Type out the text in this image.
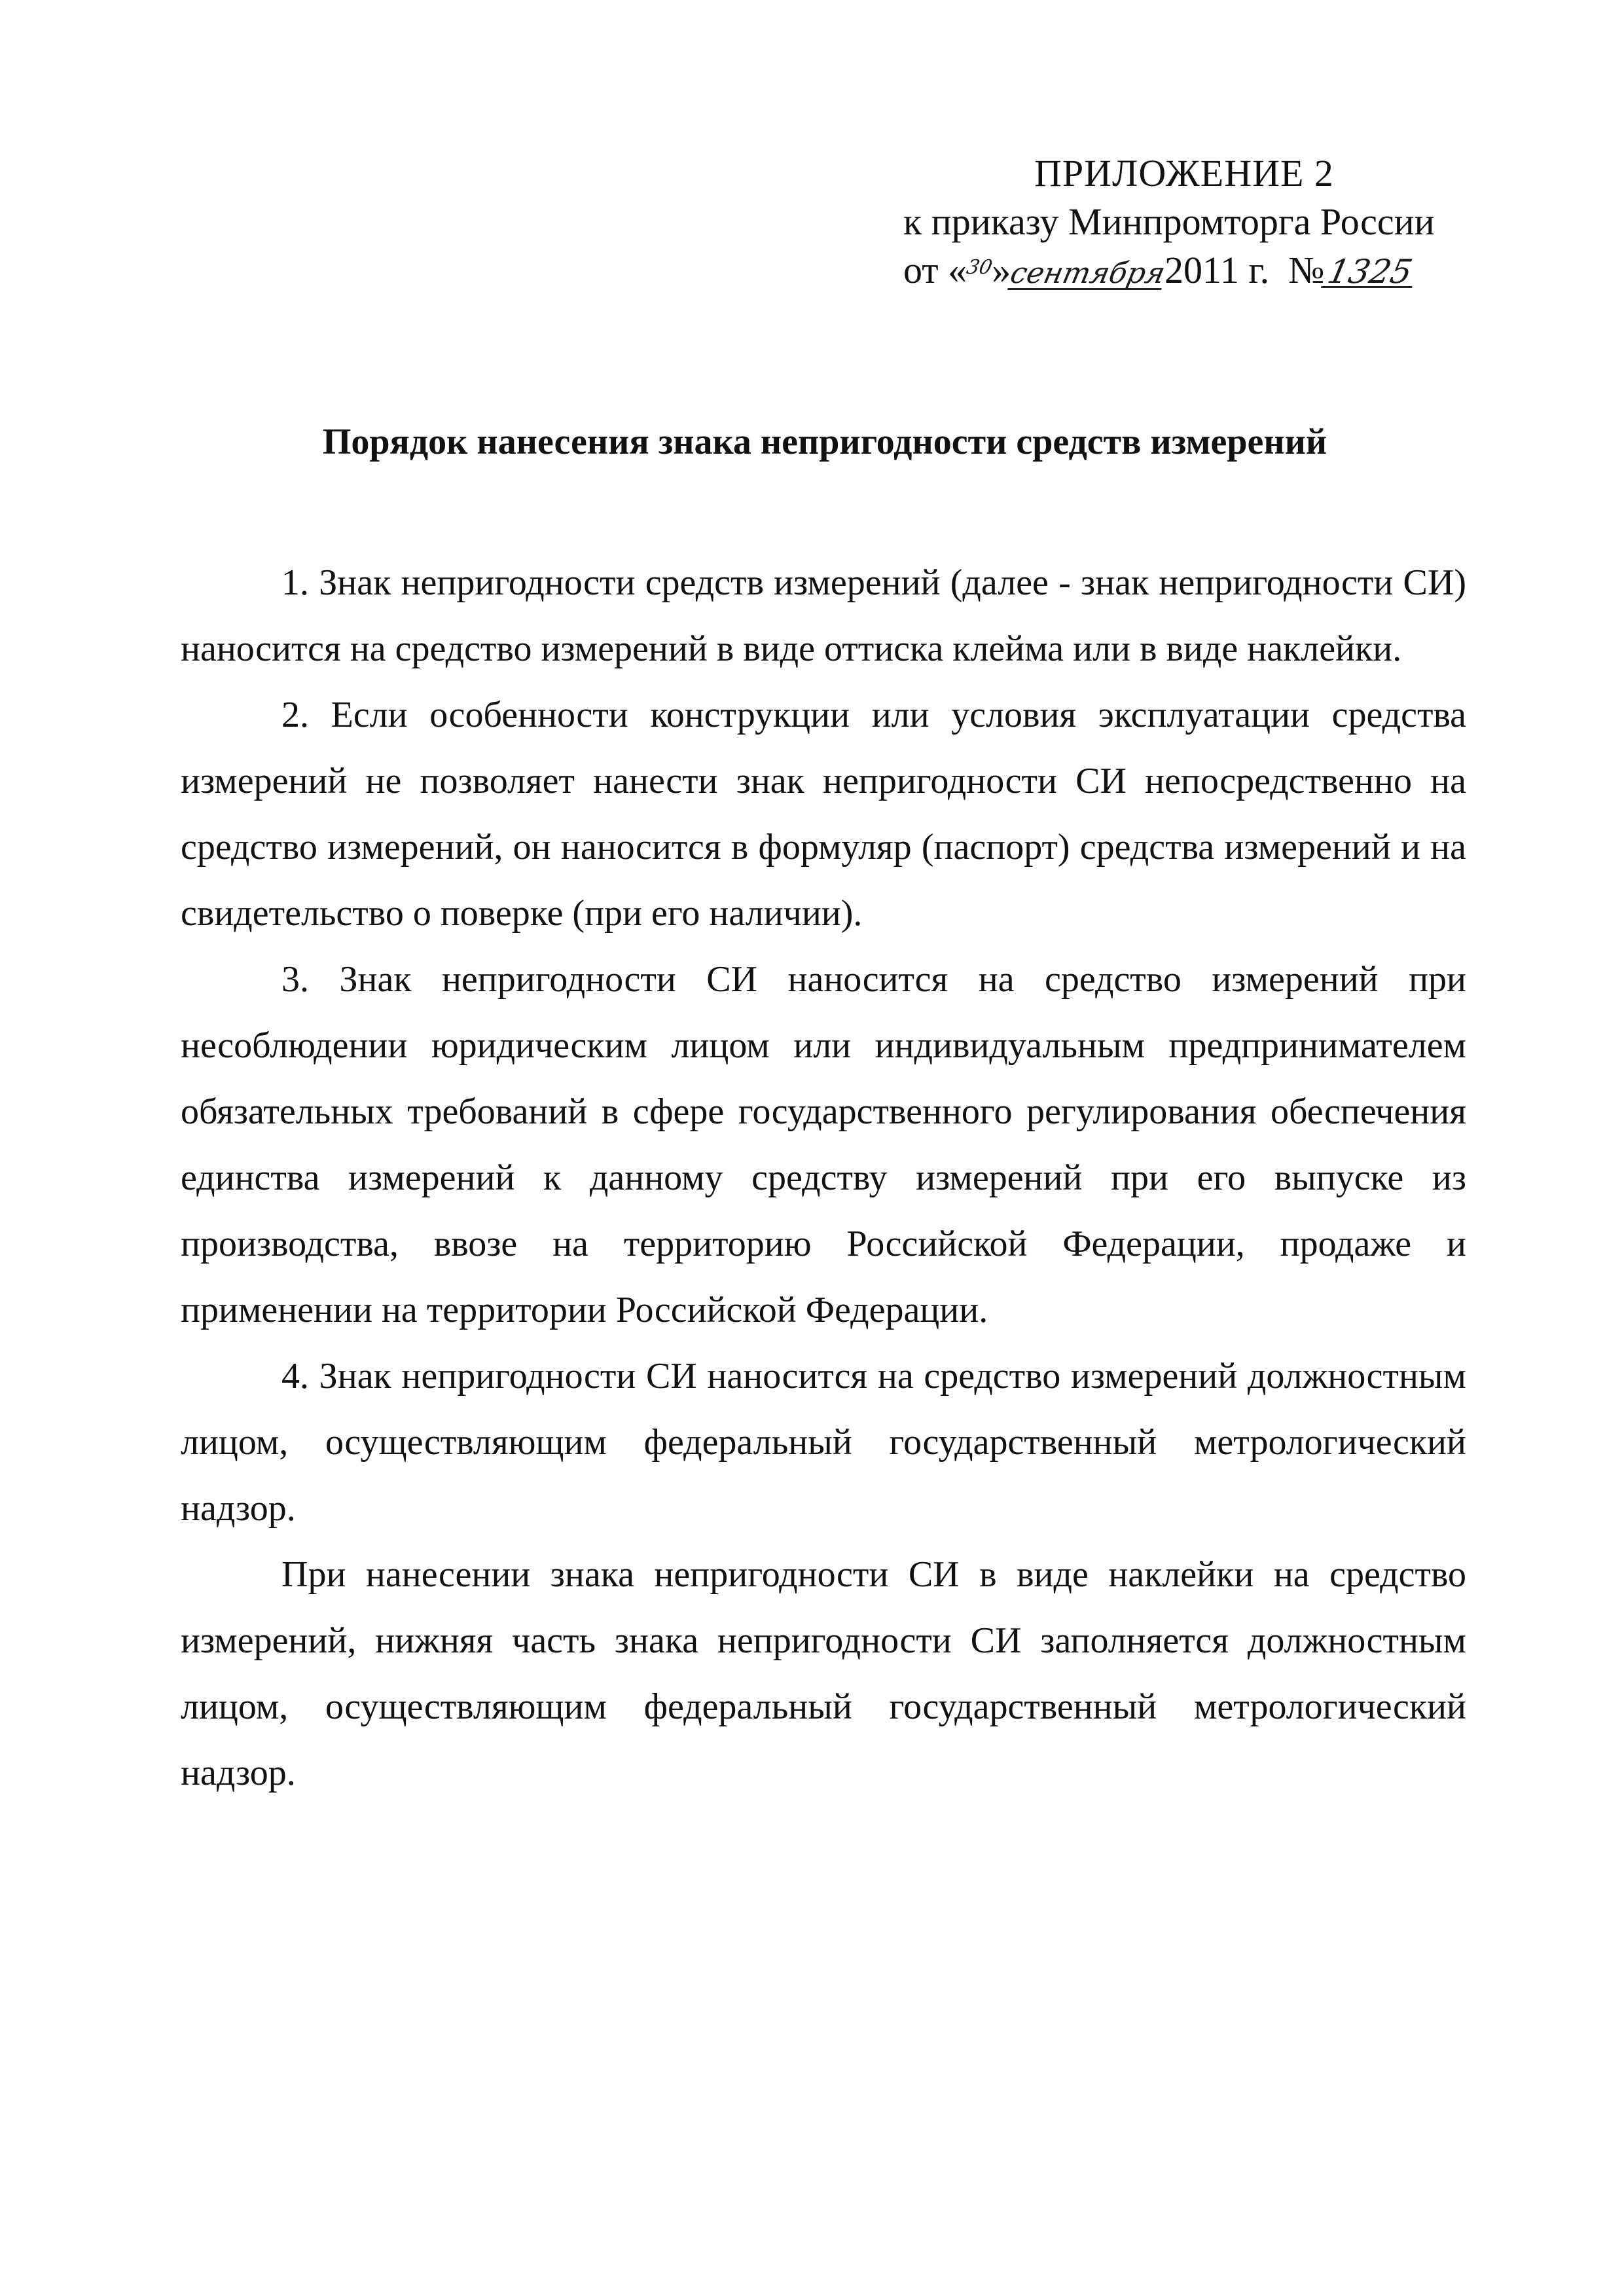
ПРИЛОЖЕНИЕ 2
к приказу Минпромторга России
от «30»сентября2011 г. №1325
Порядок нанесения знака непригодности средств измерений

1. Знак непригодности средств измерений (далее - знак непригодности СИ) наносится на средство измерений в виде оттиска клейма или в виде наклейки.

2. Если особенности конструкции или условия эксплуатации средства измерений не позволяет нанести знак непригодности СИ непосредственно на средство измерений, он наносится в формуляр (паспорт) средства измерений и на свидетельство о поверке (при его наличии).

3. Знак непригодности СИ наносится на средство измерений при несоблюдении юридическим лицом или индивидуальным предпринимателем обязательных требований в сфере государственного регулирования обеспечения единства измерений к данному средству измерений при его выпуске из производства, ввозе на территорию Российской Федерации, продаже и применении на территории Российской Федерации.

4. Знак непригодности СИ наносится на средство измерений должностным лицом, осуществляющим федеральный государственный метрологический надзор.

При нанесении знака непригодности СИ в виде наклейки на средство измерений, нижняя часть знака непригодности СИ заполняется должностным лицом, осуществляющим федеральный государственный метрологический надзор.
